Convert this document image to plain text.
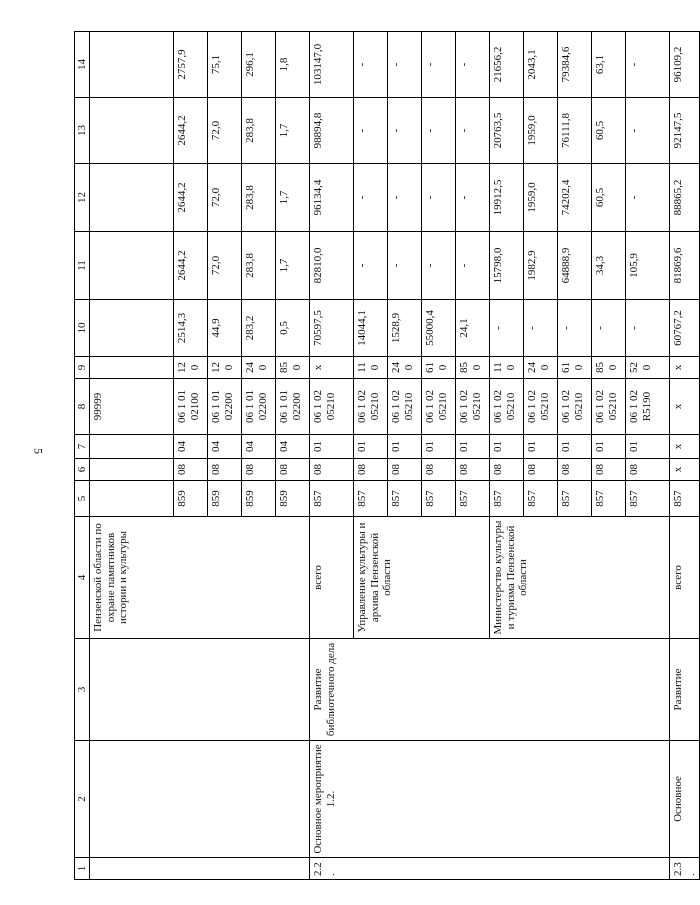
5
1	2	3	4	5	6	7	8	9	10	11	12	13	14
			Пензенской области по охране памятников истории и культуры				99999						
				859	08	04	06 1 01 02100	120	2514,3	2644,2	2644,2	2644,2	2757,9
				859	08	04	06 1 01 02200	120	44,9	72,0	72,0	72,0	75,1
				859	08	04	06 1 01 02200	240	283,2	283,8	283,8	283,8	296,1
				859	08	04	06 1 01 02200	850	0,5	1,7	1,7	1,7	1,8
2.2.	Основное мероприятие 1.2.	Развитие библиотечного дела	всего	857	08	01	06 1 02 05210	x	70597,5	82810,0	96134,4	98894,8	103147,0
			Управление культуры и архива Пензенской области	857	08	01	06 1 02 05210	110	14044,1	-	-	-	-
				857	08	01	06 1 02 05210	240	1528,9	-	-	-	-
				857	08	01	06 1 02 05210	610	55000,4	-	-	-	-
				857	08	01	06 1 02 05210	850	24,1	-	-	-	-
			Министерство культуры и туризма Пензенской области	857	08	01	06 1 02 05210	110	-	15798,0	19912,5	20763,5	21656,2
				857	08	01	06 1 02 05210	240	-	1982,9	1959,0	1959,0	2043,1
				857	08	01	06 1 02 05210	610	-	64888,9	74202,4	76111,8	79384,6
				857	08	01	06 1 02 05210	850	-	34,3	60,5	60,5	63,1
				857	08	01	06 1 02 R5190	520	-	105,9	-	-	-
2.3.	Основное	Развитие	всего	857	x	x	x	x	60767,2	81869,6	88865,2	92147,5	96109,2
